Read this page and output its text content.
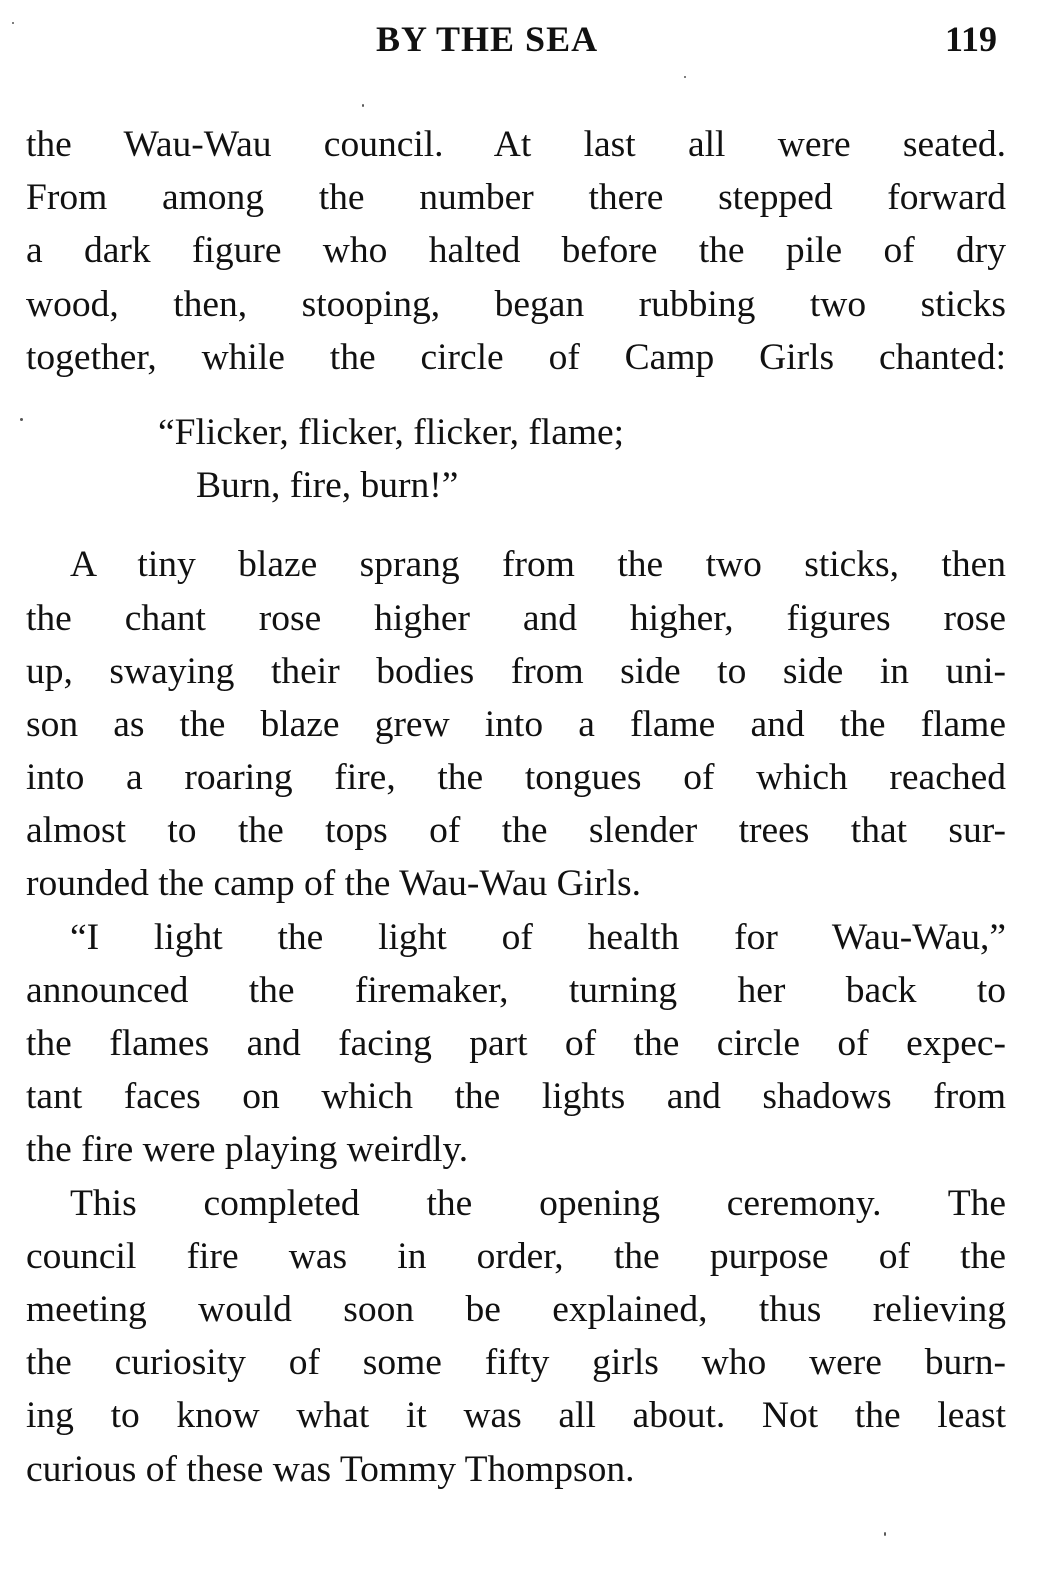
BY THE SEA	119
the Wau-Wau council. At last all were seated.
From among the number there stepped forward
a dark figure who halted before the pile of dry
wood, then, stooping, began rubbing two sticks
together, while the circle of Camp Girls chanted:
“Flicker, flicker, flicker, flame;
Burn, fire, burn!”
A tiny blaze sprang from the two sticks, then
the chant rose higher and higher, figures rose
up, swaying their bodies from side to side in uni-
son as the blaze grew into a flame and the flame
into a roaring fire, the tongues of which reached
almost to the tops of the slender trees that sur-
rounded the camp of the Wau-Wau Girls.
“I light the light of health for Wau-Wau,”
announced the firemaker, turning her back to
the flames and facing part of the circle of expec-
tant faces on which the lights and shadows from
the fire were playing weirdly.
This completed the opening ceremony. The
council fire was in order, the purpose of the
meeting would soon be explained, thus relieving
the curiosity of some fifty girls who were burn-
ing to know what it was all about. Not the least
curious of these was Tommy Thompson.
